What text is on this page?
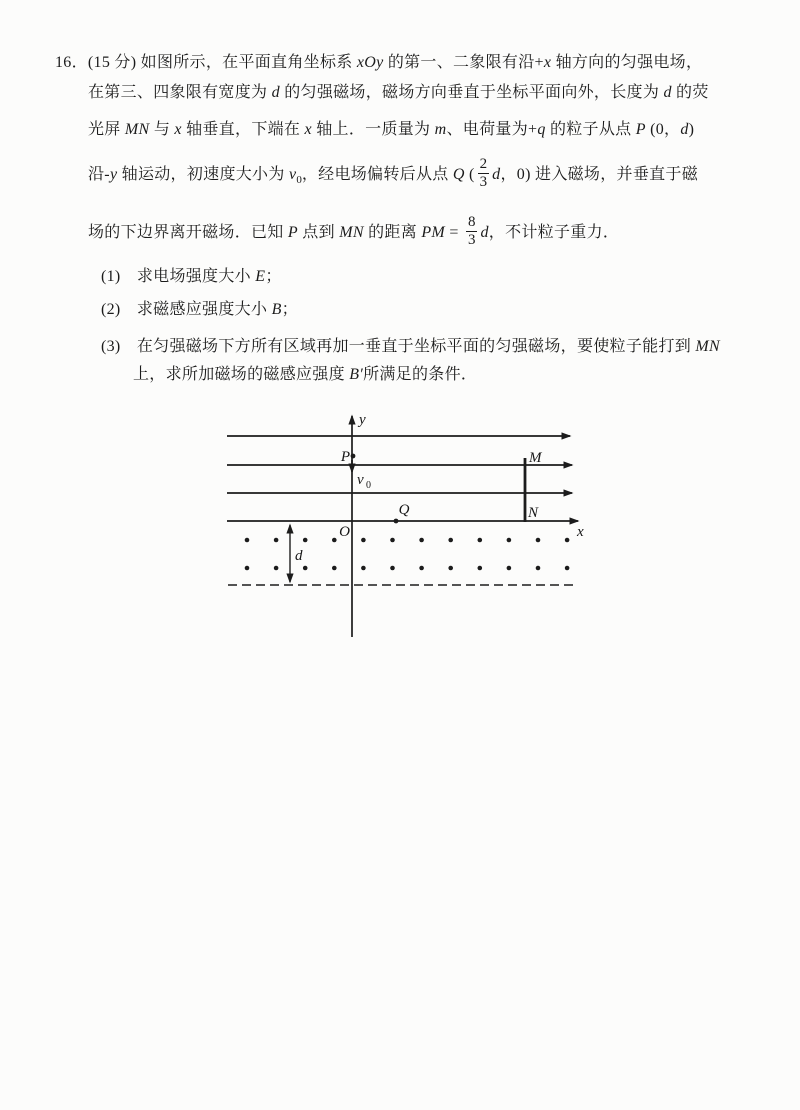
16．(15 分) 如图所示，在平面直角坐标系 xOy 的第一、二象限有沿+x 轴方向的匀强电场，
在第三、四象限有宽度为 d 的匀强磁场，磁场方向垂直于坐标平面向外，长度为 d 的荧
光屏 MN 与 x 轴垂直，下端在 x 轴上．一质量为 m、电荷量为+q 的粒子从点 P (0，d)
沿-y 轴运动，初速度大小为 $v_0$，经电场偏转后从点 Q ( $\frac{2}{3}$ d，0) 进入磁场，并垂直于磁
场的下边界离开磁场．已知 P 点到 MN 的距离 PM = $\frac{8}{3}$ d，不计粒子重力．
(1)　求电场强度大小 E；
(2)　求磁感应强度大小 B；
(3)　在匀强磁场下方所有区域再加一垂直于坐标平面的匀强磁场，要使粒子能打到 MN
上，求所加磁场的磁感应强度 B′所满足的条件．
y
x
P
v 0
Q
M
N
O
d
